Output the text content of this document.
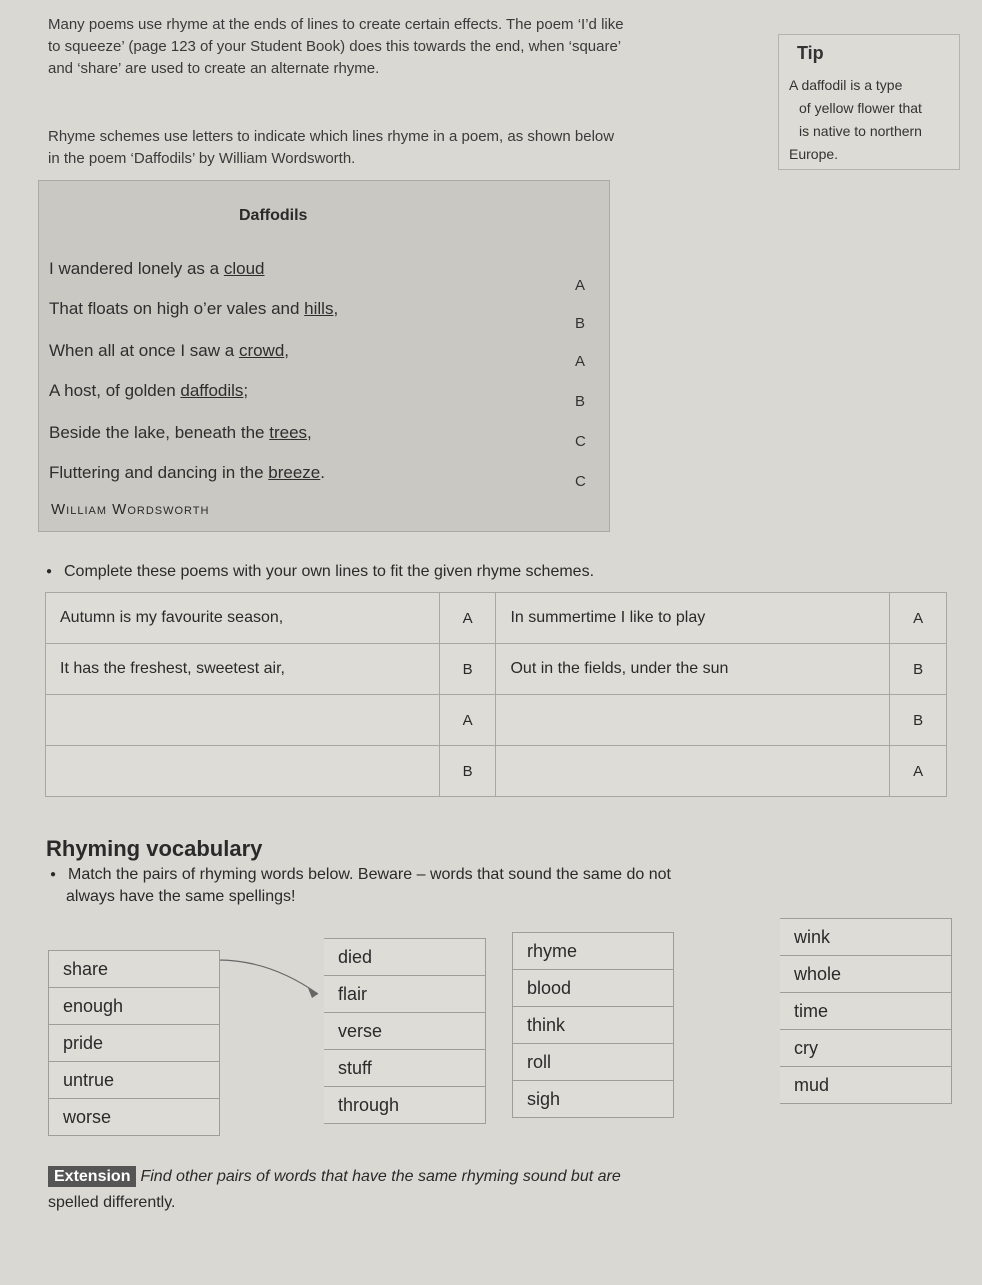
Many poems use rhyme at the ends of lines to create certain effects. The poem ‘I’d like
to squeeze’ (page 123 of your Student Book) does this towards the end, when ‘square’
and ‘share’ are used to create an alternate rhyme.
Rhyme schemes use letters to indicate which lines rhyme in a poem, as shown below
in the poem ‘Daffodils’ by William Wordsworth.
Tip
A daffodil is a type
of yellow flower that
is native to northern
Europe.
Daffodils
I wandered lonely as a cloud
A
That floats on high o’er vales and hills,
B
When all at once I saw a crowd,
A
A host, of golden daffodils;
B
Beside the lake, beneath the trees,	C
Fluttering and dancing in the breeze.	C
William Wordsworth
● Complete these poems with your own lines to fit the given rhyme schemes.
Autumn is my favourite season,	A	In summertime I like to play	A
It has the freshest, sweetest air,	B	Out in the fields, under the sun	B
	A		B
	B		A
Rhyming vocabulary
● Match the pairs of rhyming words below. Beware – words that sound the same do not
always have the same spellings!
share
enough
pride
untrue
worse
died
flair
verse
stuff
through
rhyme
blood
think
roll
sigh
wink
whole
time
cry
mud
Extension Find other pairs of words that have the same rhyming sound but are
spelled differently.
